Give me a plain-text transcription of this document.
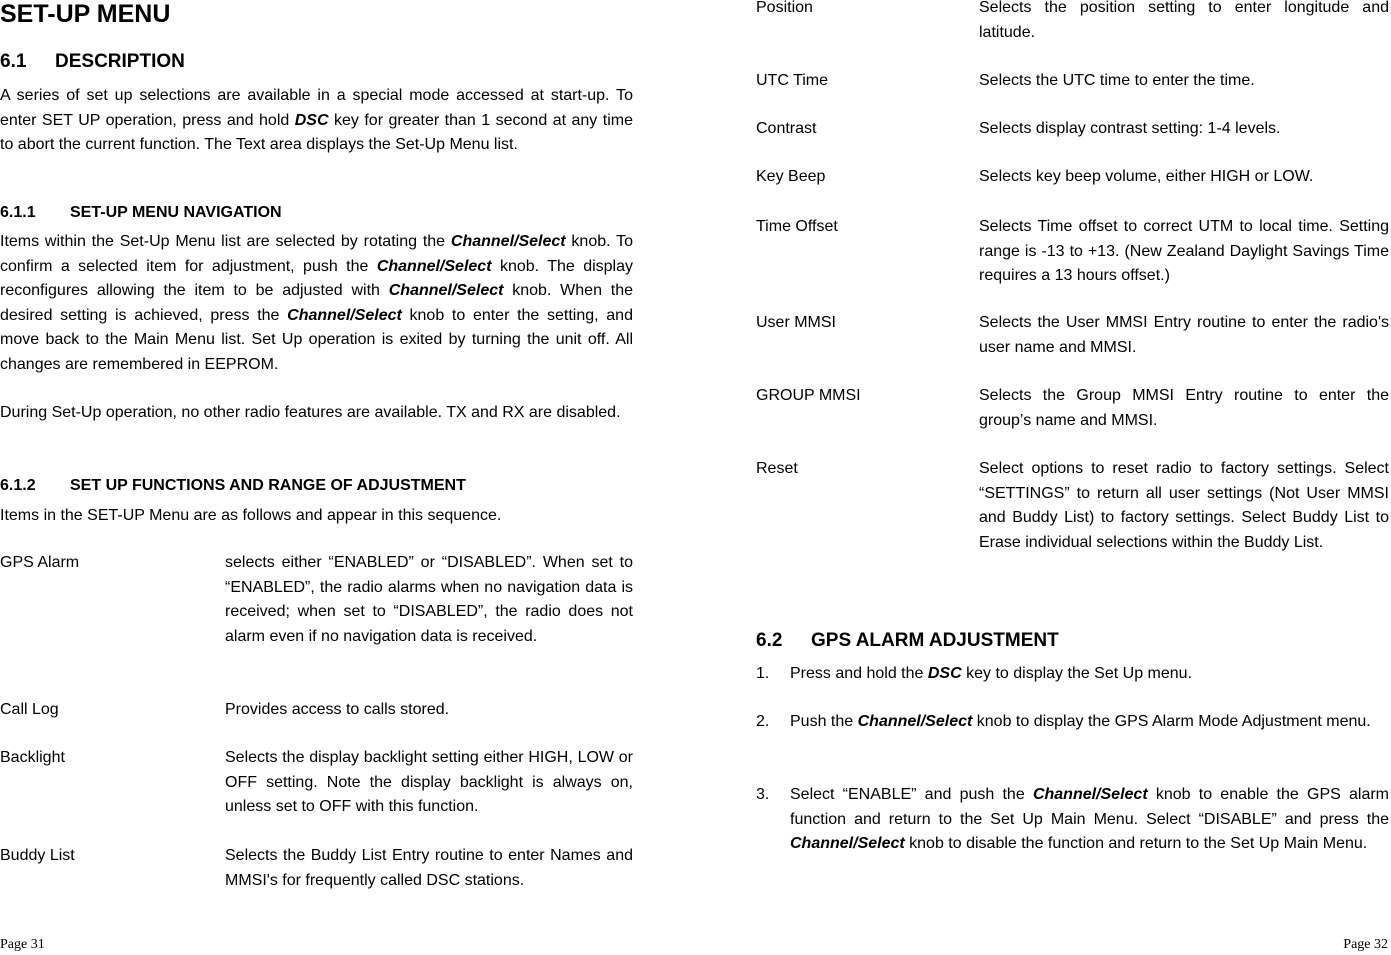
SET-UP MENU
6.1 DESCRIPTION

A series of set up selections are available in a special mode accessed at start-up. To enter SET UP operation, press and hold DSC key for greater than 1 second at any time to abort the current function. The Text area displays the Set-Up Menu list.

6.1.1 SET-UP MENU NAVIGATION

Items within the Set-Up Menu list are selected by rotating the Channel/Select knob. To confirm a selected item for adjustment, push the Channel/Select knob. The display reconfigures allowing the item to be adjusted with Channel/Select knob. When the desired setting is achieved, press the Channel/Select knob to enter the setting, and move back to the Main Menu list. Set Up operation is exited by turning the unit off. All changes are remembered in EEPROM.

During Set-Up operation, no other radio features are available. TX and RX are disabled.

6.1.2 SET UP FUNCTIONS AND RANGE OF ADJUSTMENT

Items in the SET-UP Menu are as follows and appear in this sequence.

GPS Alarm	selects either “ENABLED” or “DISABLED”. When set to “ENABLED”, the radio alarms when no navigation data is received; when set to “DISABLED”, the radio does not alarm even if no navigation data is received.

Call Log	Provides access to calls stored.

Backlight	Selects the display backlight setting either HIGH, LOW or OFF setting. Note the display backlight is always on, unless set to OFF with this function.

Buddy List	Selects the Buddy List Entry routine to enter Names and MMSI's for frequently called DSC stations.

Page 31
Position	Selects the position setting to enter longitude and latitude.

UTC Time	Selects the UTC time to enter the time.

Contrast	Selects display contrast setting: 1-4 levels.

Key Beep	Selects key beep volume, either HIGH or LOW.

Time Offset	Selects Time offset to correct UTM to local time. Setting range is -13 to +13. (New Zealand Daylight Savings Time requires a 13 hours offset.)

User MMSI	Selects the User MMSI Entry routine to enter the radio's user name and MMSI.

GROUP MMSI	Selects the Group MMSI Entry routine to enter the group’s name and MMSI.

Reset	Select options to reset radio to factory settings. Select “SETTINGS” to return all user settings (Not User MMSI and Buddy List) to factory settings. Select Buddy List to Erase individual selections within the Buddy List.

6.2 GPS ALARM ADJUSTMENT
1. Press and hold the DSC key to display the Set Up menu.

2. Push the Channel/Select knob to display the GPS Alarm Mode Adjustment menu.

3. Select “ENABLE” and push the Channel/Select knob to enable the GPS alarm function and return to the Set Up Main Menu. Select “DISABLE” and press the Channel/Select knob to disable the function and return to the Set Up Main Menu.

Page 32
